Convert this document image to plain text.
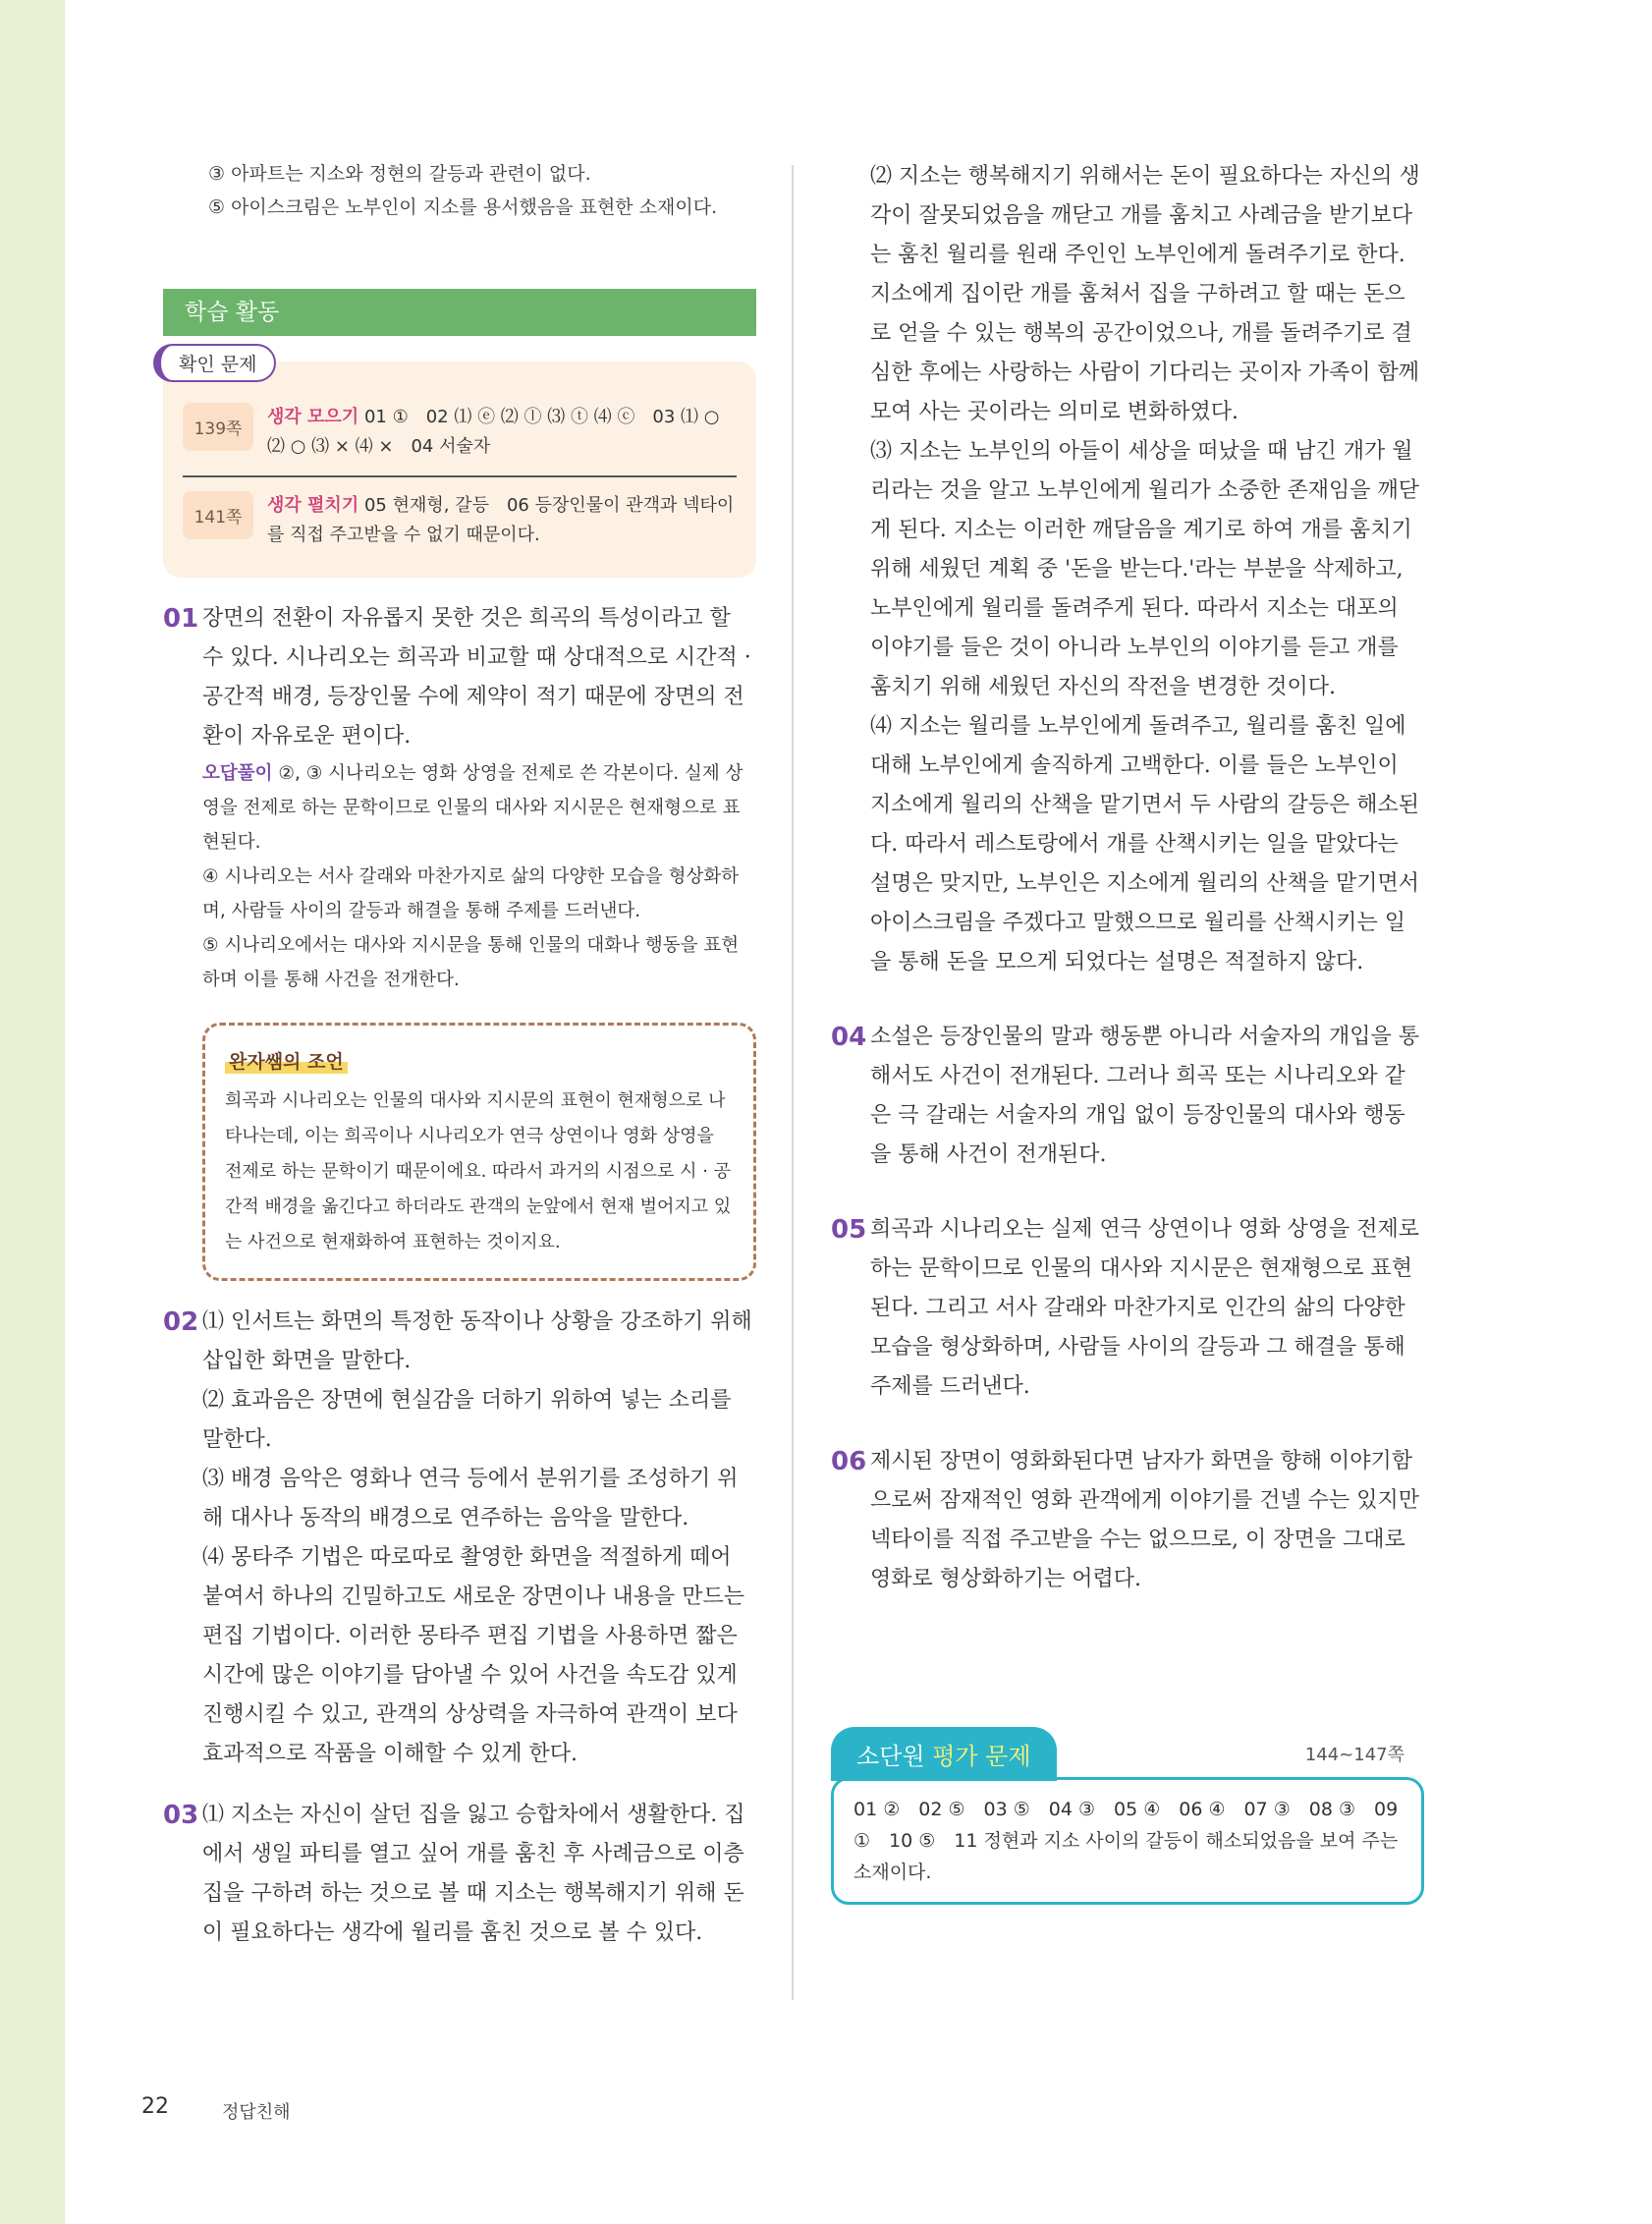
③ 아파트는 지소와 정현의 갈등과 관련이 없다.
⑤ 아이스크림은 노부인이 지소를 용서했음을 표현한 소재이다.
학습 활동
확인 문제
139쪽
생각 모으기 01 ①　02 ⑴ ⓔ ⑵ ⓛ ⑶ ⓣ ⑷ ⓒ　03 ⑴ ○ ⑵ ○ ⑶ × ⑷ ×　04 서술자
141쪽
생각 펼치기 05 현재형, 갈등　06 등장인물이 관객과 넥타이를 직접 주고받을 수 없기 때문이다.
01 장면의 전환이 자유롭지 못한 것은 희곡의 특성이라고 할 수 있다. 시나리오는 희곡과 비교할 때 상대적으로 시간적 · 공간적 배경, 등장인물 수에 제약이 적기 때문에 장면의 전환이 자유로운 편이다.

오답풀이 ②, ③ 시나리오는 영화 상영을 전제로 쓴 각본이다. 실제 상영을 전제로 하는 문학이므로 인물의 대사와 지시문은 현재형으로 표현된다.

④ 시나리오는 서사 갈래와 마찬가지로 삶의 다양한 모습을 형상화하며, 사람들 사이의 갈등과 해결을 통해 주제를 드러낸다.

⑤ 시나리오에서는 대사와 지시문을 통해 인물의 대화나 행동을 표현하며 이를 통해 사건을 전개한다.

완자쌤의 조언
희곡과 시나리오는 인물의 대사와 지시문의 표현이 현재형으로 나타나는데, 이는 희곡이나 시나리오가 연극 상연이나 영화 상영을 전제로 하는 문학이기 때문이에요. 따라서 과거의 시점으로 시 · 공간적 배경을 옮긴다고 하더라도 관객의 눈앞에서 현재 벌어지고 있는 사건으로 현재화하여 표현하는 것이지요.
02 ⑴ 인서트는 화면의 특정한 동작이나 상황을 강조하기 위해 삽입한 화면을 말한다.

⑵ 효과음은 장면에 현실감을 더하기 위하여 넣는 소리를 말한다.

⑶ 배경 음악은 영화나 연극 등에서 분위기를 조성하기 위해 대사나 동작의 배경으로 연주하는 음악을 말한다.

⑷ 몽타주 기법은 따로따로 촬영한 화면을 적절하게 떼어 붙여서 하나의 긴밀하고도 새로운 장면이나 내용을 만드는 편집 기법이다. 이러한 몽타주 편집 기법을 사용하면 짧은 시간에 많은 이야기를 담아낼 수 있어 사건을 속도감 있게 진행시킬 수 있고, 관객의 상상력을 자극하여 관객이 보다 효과적으로 작품을 이해할 수 있게 한다.

03 ⑴ 지소는 자신이 살던 집을 잃고 승합차에서 생활한다. 집에서 생일 파티를 열고 싶어 개를 훔친 후 사례금으로 이층집을 구하려 하는 것으로 볼 때 지소는 행복해지기 위해 돈이 필요하다는 생각에 월리를 훔친 것으로 볼 수 있다.

⑵ 지소는 행복해지기 위해서는 돈이 필요하다는 자신의 생각이 잘못되었음을 깨닫고 개를 훔치고 사례금을 받기보다는 훔친 월리를 원래 주인인 노부인에게 돌려주기로 한다. 지소에게 집이란 개를 훔쳐서 집을 구하려고 할 때는 돈으로 얻을 수 있는 행복의 공간이었으나, 개를 돌려주기로 결심한 후에는 사랑하는 사람이 기다리는 곳이자 가족이 함께 모여 사는 곳이라는 의미로 변화하였다.

⑶ 지소는 노부인의 아들이 세상을 떠났을 때 남긴 개가 월리라는 것을 알고 노부인에게 월리가 소중한 존재임을 깨닫게 된다. 지소는 이러한 깨달음을 계기로 하여 개를 훔치기 위해 세웠던 계획 중 '돈을 받는다.'라는 부분을 삭제하고, 노부인에게 월리를 돌려주게 된다. 따라서 지소는 대포의 이야기를 들은 것이 아니라 노부인의 이야기를 듣고 개를 훔치기 위해 세웠던 자신의 작전을 변경한 것이다.

⑷ 지소는 월리를 노부인에게 돌려주고, 월리를 훔친 일에 대해 노부인에게 솔직하게 고백한다. 이를 들은 노부인이 지소에게 월리의 산책을 맡기면서 두 사람의 갈등은 해소된다. 따라서 레스토랑에서 개를 산책시키는 일을 맡았다는 설명은 맞지만, 노부인은 지소에게 월리의 산책을 맡기면서 아이스크림을 주겠다고 말했으므로 월리를 산책시키는 일을 통해 돈을 모으게 되었다는 설명은 적절하지 않다.

04 소설은 등장인물의 말과 행동뿐 아니라 서술자의 개입을 통해서도 사건이 전개된다. 그러나 희곡 또는 시나리오와 같은 극 갈래는 서술자의 개입 없이 등장인물의 대사와 행동을 통해 사건이 전개된다.
05 희곡과 시나리오는 실제 연극 상연이나 영화 상영을 전제로 하는 문학이므로 인물의 대사와 지시문은 현재형으로 표현된다. 그리고 서사 갈래와 마찬가지로 인간의 삶의 다양한 모습을 형상화하며, 사람들 사이의 갈등과 그 해결을 통해 주제를 드러낸다.
06 제시된 장면이 영화화된다면 남자가 화면을 향해 이야기함으로써 잠재적인 영화 관객에게 이야기를 건넬 수는 있지만 넥타이를 직접 주고받을 수는 없으므로, 이 장면을 그대로 영화로 형상화하기는 어렵다.
소단원 평가 문제	144~147쪽
01 ②　02 ⑤　03 ⑤　04 ③　05 ④　06 ④　07 ③　08 ③　09 ①　10 ⑤　11 정현과 지소 사이의 갈등이 해소되었음을 보여 주는 소재이다.
22	정답친해
